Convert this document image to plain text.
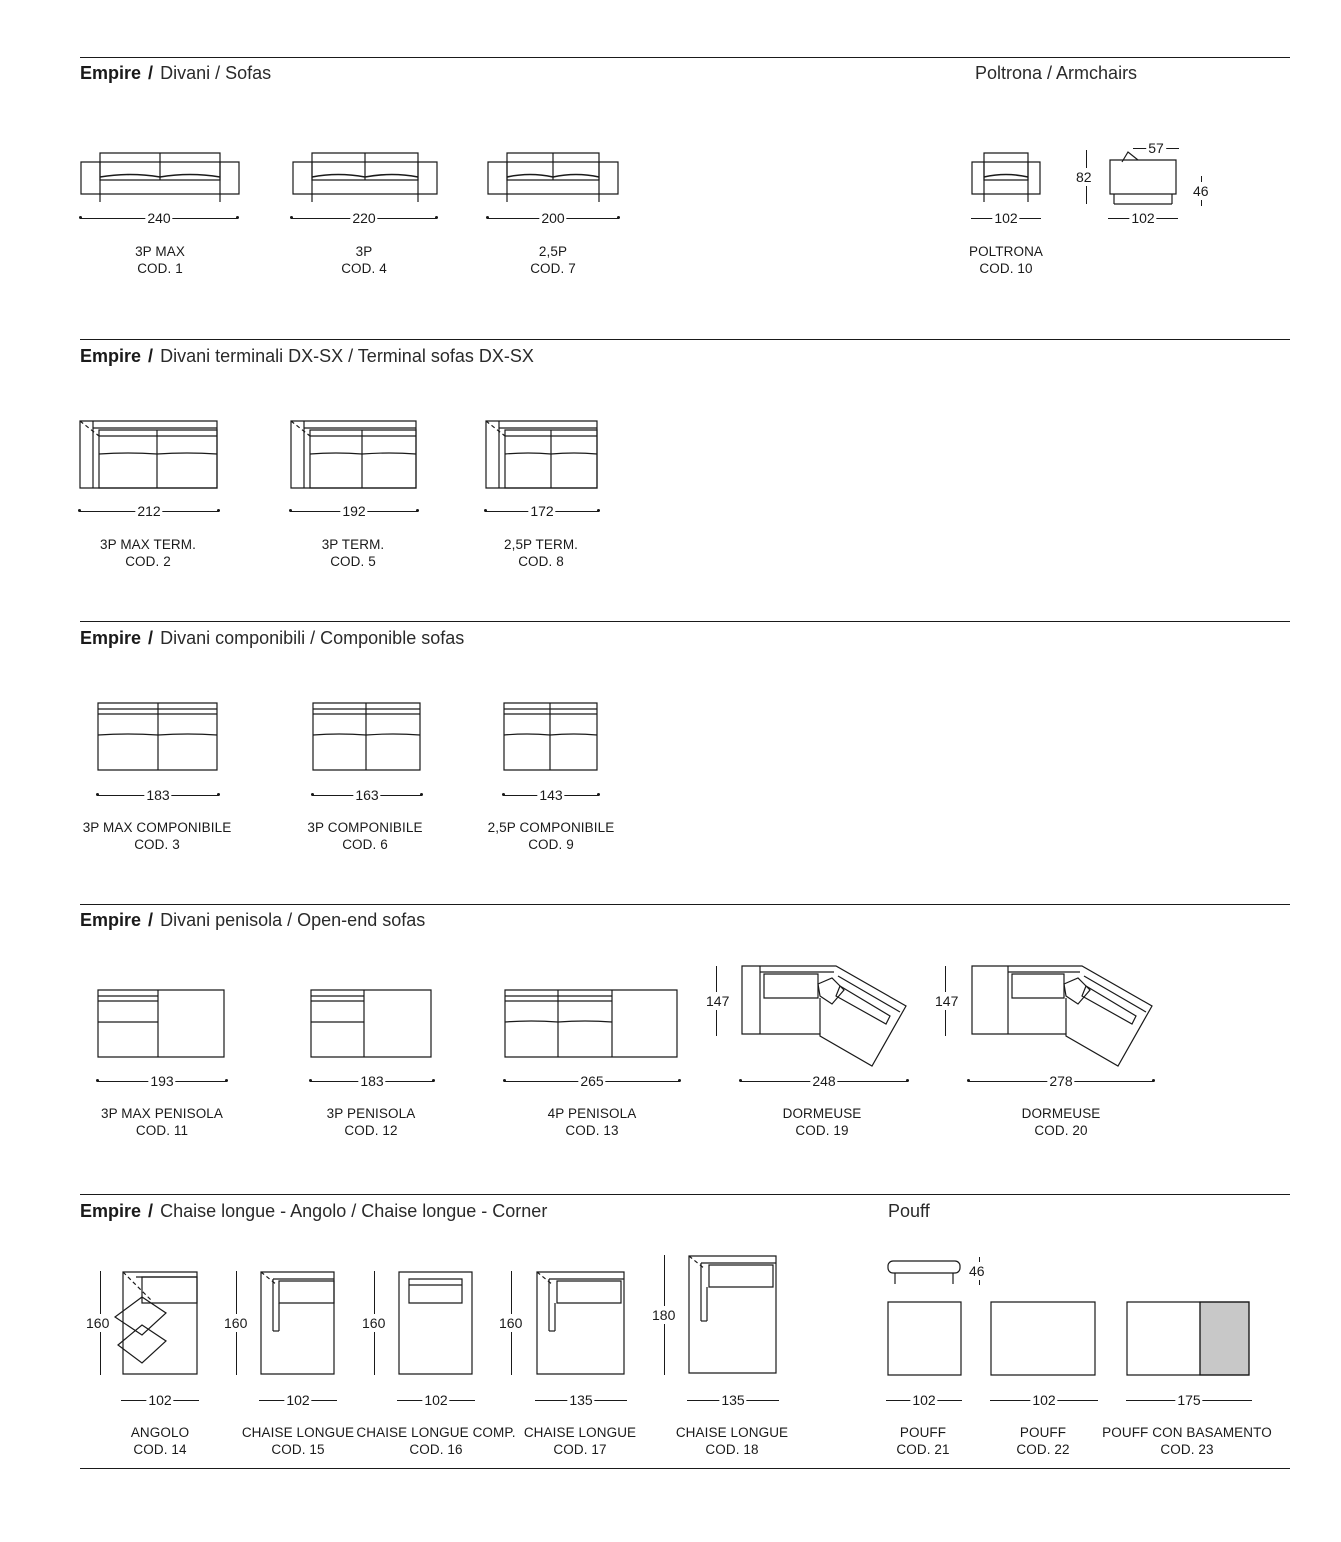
Empire / Divani / Sofas	Poltrona / Armchairs
Empire / Divani terminali DX-SX / Terminal sofas DX-SX
Empire / Divani componibili / Componible sofas
Empire / Divani penisola / Open-end sofas
Empire / Chaise longue - Angolo / Chaise longue - Corner	Pouff
240	220	200	102	102
57
82
46
212	192	172
183	163	143
193	183	265	248	278
147	147
102	102	102	135	135	102	102	175
160	160	160	160	180
46
3P MAX
COD. 1
3P
COD. 4
2,5P
COD. 7
POLTRONA
COD. 10
3P MAX TERM.
COD. 2
3P TERM.
COD. 5
2,5P TERM.
COD. 8
3P MAX COMPONIBILE
COD. 3
3P COMPONIBILE
COD. 6
2,5P COMPONIBILE
COD. 9
3P MAX PENISOLA
COD. 11
3P PENISOLA
COD. 12
4P PENISOLA
COD. 13
DORMEUSE
COD. 19
DORMEUSE
COD. 20
ANGOLO
COD. 14
CHAISE LONGUE
COD. 15
CHAISE LONGUE COMP.
COD. 16
CHAISE LONGUE
COD. 17
CHAISE LONGUE
COD. 18
POUFF
COD. 21
POUFF
COD. 22
POUFF CON BASAMENTO
COD. 23
